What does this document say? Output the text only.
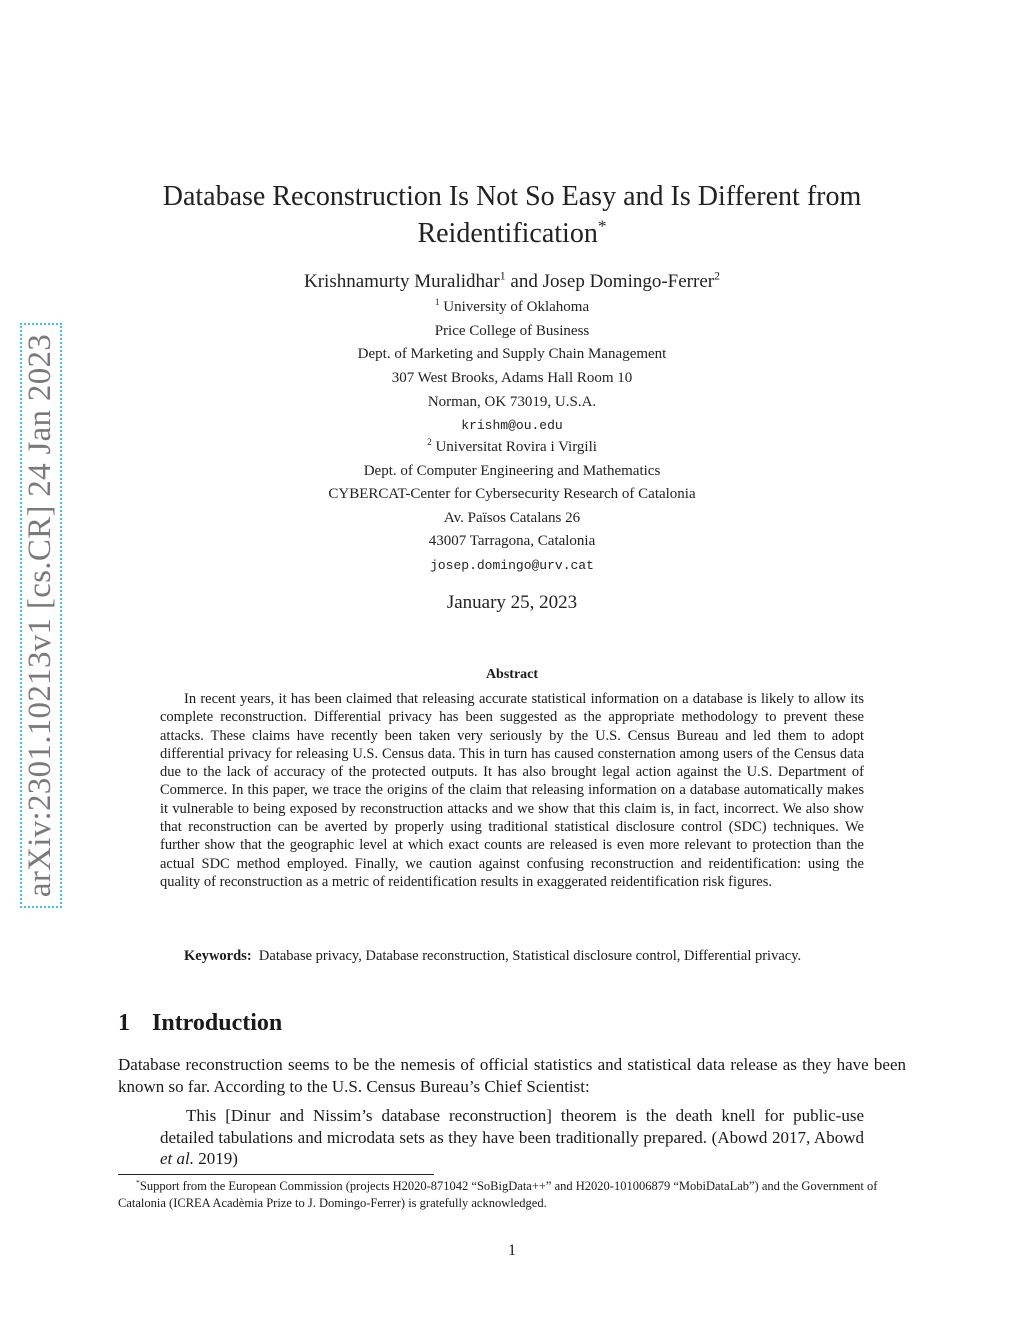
arXiv:2301.10213v1 [cs.CR] 24 Jan 2023
Database Reconstruction Is Not So Easy and Is Different from
Reidentification*
Krishnamurty Muralidhar$^1$ and Josep Domingo-Ferrer$^2$
$^1$ University of Oklahoma
Price College of Business
Dept. of Marketing and Supply Chain Management
307 West Brooks, Adams Hall Room 10
Norman, OK 73019, U.S.A.
krishm@ou.edu
$^2$ Universitat Rovira i Virgili
Dept. of Computer Engineering and Mathematics
CYBERCAT-Center for Cybersecurity Research of Catalonia
Av. Països Catalans 26
43007 Tarragona, Catalonia
josep.domingo@urv.cat
January 25, 2023
Abstract

In recent years, it has been claimed that releasing accurate statistical information on a database is likely to allow its complete reconstruction. Differential privacy has been suggested as the appropriate methodology to prevent these attacks. These claims have recently been taken very seriously by the U.S. Census Bureau and led them to adopt differential privacy for releasing U.S. Census data. This in turn has caused consternation among users of the Census data due to the lack of accuracy of the protected outputs. It has also brought legal action against the U.S. Department of Commerce. In this paper, we trace the origins of the claim that releasing information on a database automatically makes it vulnerable to being exposed by reconstruction attacks and we show that this claim is, in fact, incorrect. We also show that reconstruction can be averted by properly using traditional statistical disclosure control (SDC) techniques. We further show that the geographic level at which exact counts are released is even more relevant to protection than the actual SDC method employed. Finally, we caution against confusing reconstruction and reidentification: using the quality of reconstruction as a metric of reidentification results in exaggerated reidentification risk figures.

Keywords: Database privacy, Database reconstruction, Statistical disclosure control, Differential privacy.

1 Introduction

Database reconstruction seems to be the nemesis of official statistics and statistical data release as they have been known so far. According to the U.S. Census Bureau’s Chief Scientist:

This [Dinur and Nissim’s database reconstruction] theorem is the death knell for public-use detailed tabulations and microdata sets as they have been traditionally prepared. (Abowd 2017, Abowd et al. 2019)

*Support from the European Commission (projects H2020-871042 “SoBigData++” and H2020-101006879 “MobiDataLab”) and the Government of Catalonia (ICREA Acadèmia Prize to J. Domingo-Ferrer) is gratefully acknowledged.

1
